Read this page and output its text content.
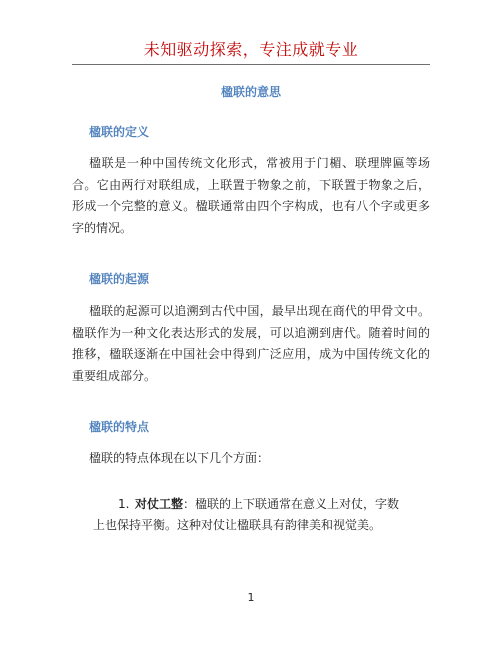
未知驱动探索，专注成就专业
楹联的意思
楹联的定义

楹联是一种中国传统文化形式，常被用于门楣、联理牌匾等场合。它由两行对联组成，上联置于物象之前，下联置于物象之后，形成一个完整的意义。楹联通常由四个字构成，也有八个字或更多字的情况。

楹联的起源

楹联的起源可以追溯到古代中国，最早出现在商代的甲骨文中。楹联作为一种文化表达形式的发展，可以追溯到唐代。随着时间的推移，楹联逐渐在中国社会中得到广泛应用，成为中国传统文化的重要组成部分。

楹联的特点

楹联的特点体现在以下几个方面：

1. 对仗工整：楹联的上下联通常在意义上对仗，字数
上也保持平衡。这种对仗让楹联具有韵律美和视觉美。
1
